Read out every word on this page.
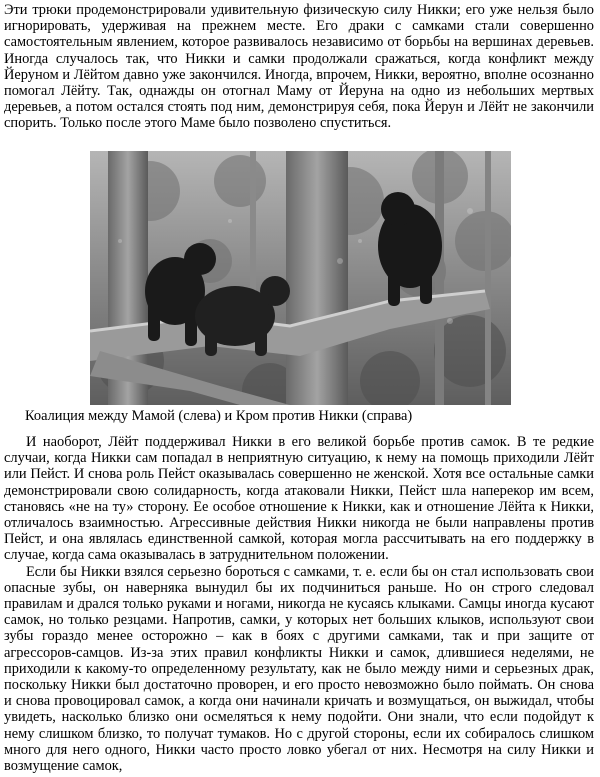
Эти трюки продемонстрировали удивительную физическую силу Никки; его уже нельзя было игнорировать, удерживая на прежнем месте. Его драки с самками стали совершенно самостоятельным явлением, которое развивалось независимо от борьбы на вершинах деревьев. Иногда случалось так, что Никки и самки продолжали сражаться, когда конфликт между Йеруном и Лёйтом давно уже закончился. Иногда, впрочем, Никки, вероятно, вполне осознанно помогал Лёйту. Так, однажды он отогнал Маму от Йеруна на одно из небольших мертвых деревьев, а потом остался стоять под ним, демонстрируя себя, пока Йерун и Лёйт не закончили спорить. Только после этого Маме было позволено спуститься.

Коалиция между Мамой (слева) и Кром против Никки (справа)

И наоборот, Лёйт поддерживал Никки в его великой борьбе против самок. В те редкие случаи, когда Никки сам попадал в неприятную ситуацию, к нему на помощь приходили Лёйт или Пейст. И снова роль Пейст оказывалась совершенно не женской. Хотя все остальные самки демонстрировали свою солидарность, когда атаковали Никки, Пейст шла наперекор им всем, становясь «не на ту» сторону. Ее особое отношение к Никки, как и отношение Лёйта к Никки, отличалось взаимностью. Агрессивные действия Никки никогда не были направлены против Пейст, и она являлась единственной самкой, которая могла рассчитывать на его поддержку в случае, когда сама оказывалась в затруднительном положении.

Если бы Никки взялся серьезно бороться с самками, т. е. если бы он стал использовать свои опасные зубы, он наверняка вынудил бы их подчиниться раньше. Но он строго следовал правилам и дрался только руками и ногами, никогда не кусаясь клыками. Самцы иногда кусают самок, но только резцами. Напротив, самки, у которых нет больших клыков, используют свои зубы гораздо менее осторожно – как в боях с другими самками, так и при защите от агрессоров-самцов. Из-за этих правил конфликты Никки и самок, длившиеся неделями, не приходили к какому-то определенному результату, как не было между ними и серьезных драк, поскольку Никки был достаточно проворен, и его просто невозможно было поймать. Он снова и снова провоцировал самок, а когда они начинали кричать и возмущаться, он выжидал, чтобы увидеть, насколько близко они осмеляться к нему подойти. Они знали, что если подойдут к нему слишком близко, то получат тумаков. Но с другой стороны, если их собиралось слишком много для него одного, Никки часто просто ловко убегал от них. Несмотря на силу Никки и возмущение самок,
